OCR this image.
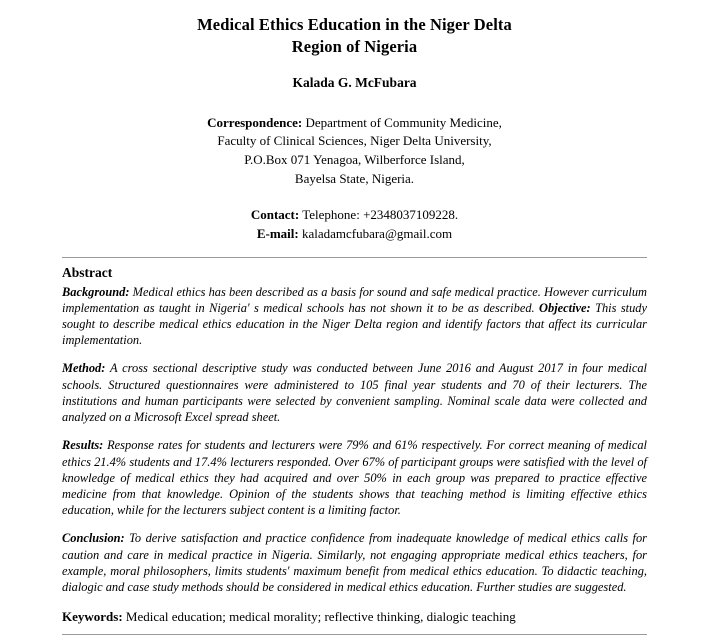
Medical Ethics Education in the Niger Delta
Region of Nigeria
Kalada G. McFubara
Correspondence: Department of Community Medicine,
Faculty of Clinical Sciences, Niger Delta University,
P.O.Box 071 Yenagoa, Wilberforce Island,
Bayelsa State, Nigeria.
Contact: Telephone: +2348037109228.
E-mail: kaladamcfubara@gmail.com
Abstract

Background: Medical ethics has been described as a basis for sound and safe medical practice. However curriculum implementation as taught in Nigeria' s medical schools has not shown it to be as described. Objective: This study sought to describe medical ethics education in the Niger Delta region and identify factors that affect its curricular implementation.

Method: A cross sectional descriptive study was conducted between June 2016 and August 2017 in four medical schools. Structured questionnaires were administered to 105 final year students and 70 of their lecturers. The institutions and human participants were selected by convenient sampling. Nominal scale data were collected and analyzed on a Microsoft Excel spread sheet.

Results: Response rates for students and lecturers were 79% and 61% respectively. For correct meaning of medical ethics 21.4% students and 17.4% lecturers responded. Over 67% of participant groups were satisfied with the level of knowledge of medical ethics they had acquired and over 50% in each group was prepared to practice effective medicine from that knowledge. Opinion of the students shows that teaching method is limiting effective ethics education, while for the lecturers subject content is a limiting factor.

Conclusion: To derive satisfaction and practice confidence from inadequate knowledge of medical ethics calls for caution and care in medical practice in Nigeria. Similarly, not engaging appropriate medical ethics teachers, for example, moral philosophers, limits students' maximum benefit from medical ethics education. To didactic teaching, dialogic and case study methods should be considered in medical ethics education. Further studies are suggested.

Keywords: Medical education; medical morality; reflective thinking, dialogic teaching
